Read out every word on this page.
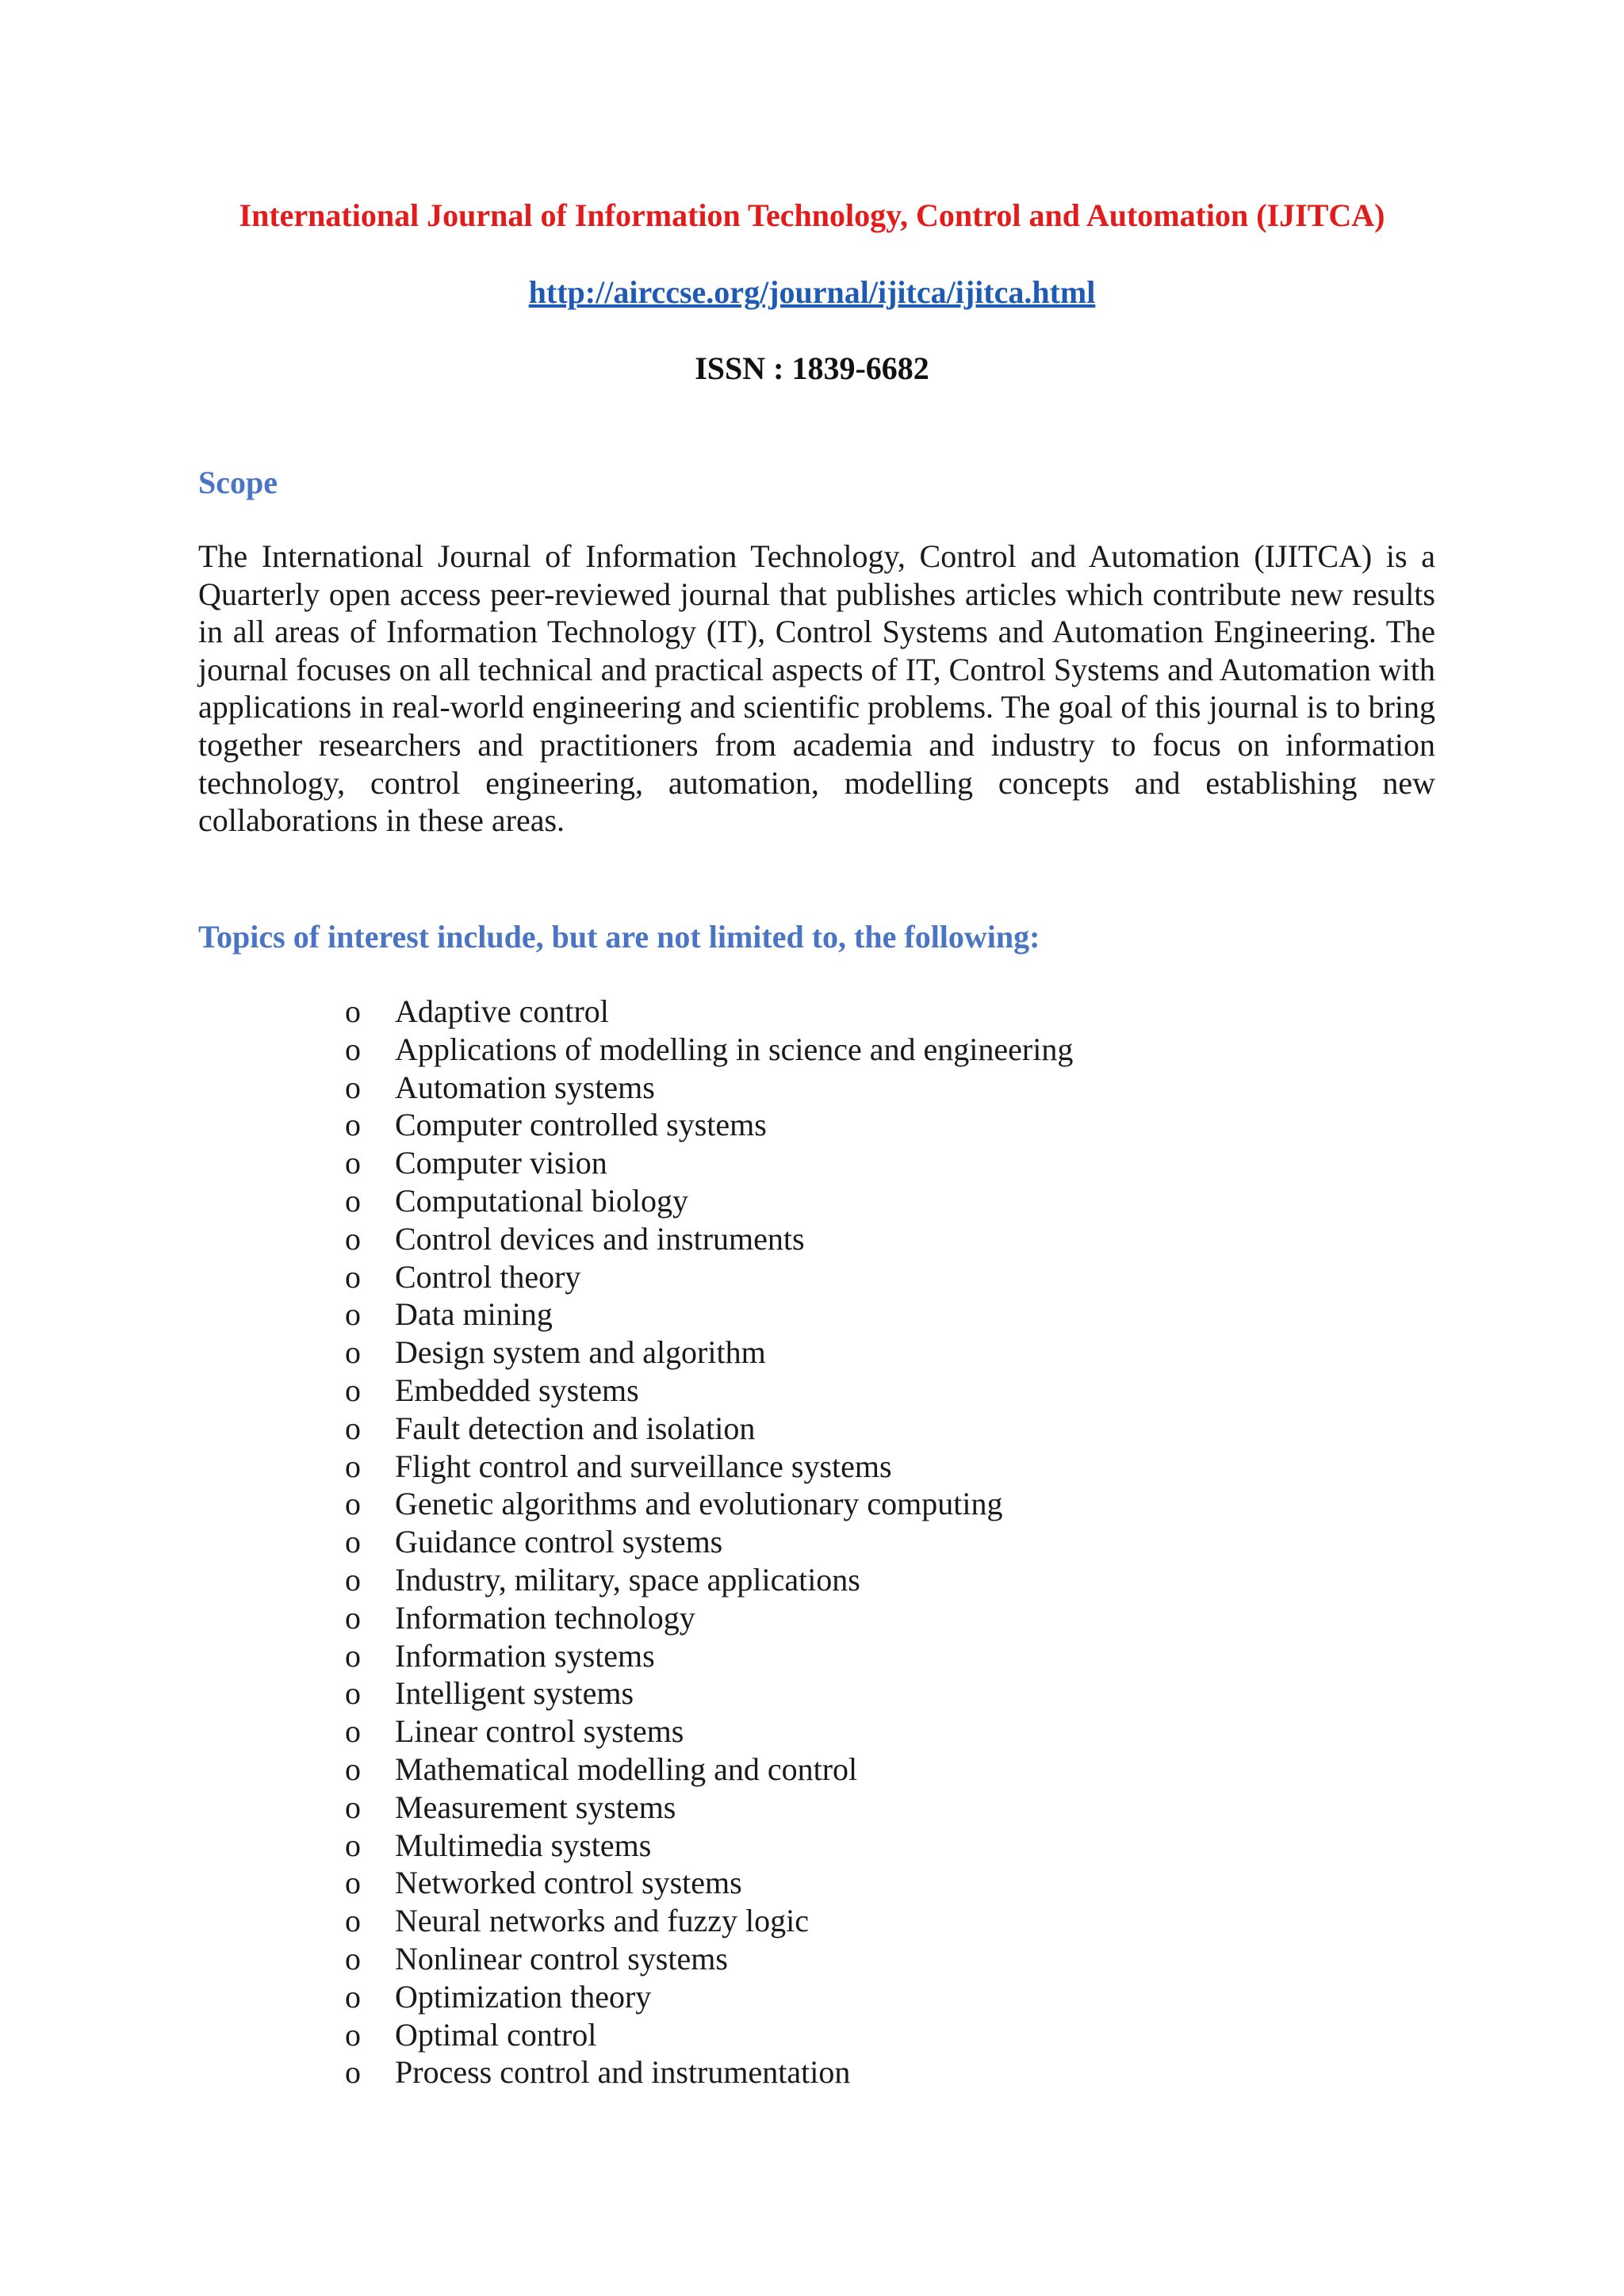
International Journal of Information Technology, Control and Automation (IJITCA)
http://airccse.org/journal/ijitca/ijitca.html
ISSN : 1839-6682
Scope
The International Journal of Information Technology, Control and Automation (IJITCA) is a Quarterly open access peer-reviewed journal that publishes articles which contribute new results in all areas of Information Technology (IT), Control Systems and Automation Engineering. The journal focuses on all technical and practical aspects of IT, Control Systems and Automation with applications in real-world engineering and scientific problems. The goal of this journal is to bring together researchers and practitioners from academia and industry to focus on information technology, control engineering, automation, modelling concepts and establishing new collaborations in these areas.
Topics of interest include, but are not limited to, the following:
o Adaptive control
o Applications of modelling in science and engineering
o Automation systems
o Computer controlled systems
o Computer vision
o Computational biology
o Control devices and instruments
o Control theory
o Data mining
o Design system and algorithm
o Embedded systems
o Fault detection and isolation
o Flight control and surveillance systems
o Genetic algorithms and evolutionary computing
o Guidance control systems
o Industry, military, space applications
o Information technology
o Information systems
o Intelligent systems
o Linear control systems
o Mathematical modelling and control
o Measurement systems
o Multimedia systems
o Networked control systems
o Neural networks and fuzzy logic
o Nonlinear control systems
o Optimization theory
o Optimal control
o Process control and instrumentation
